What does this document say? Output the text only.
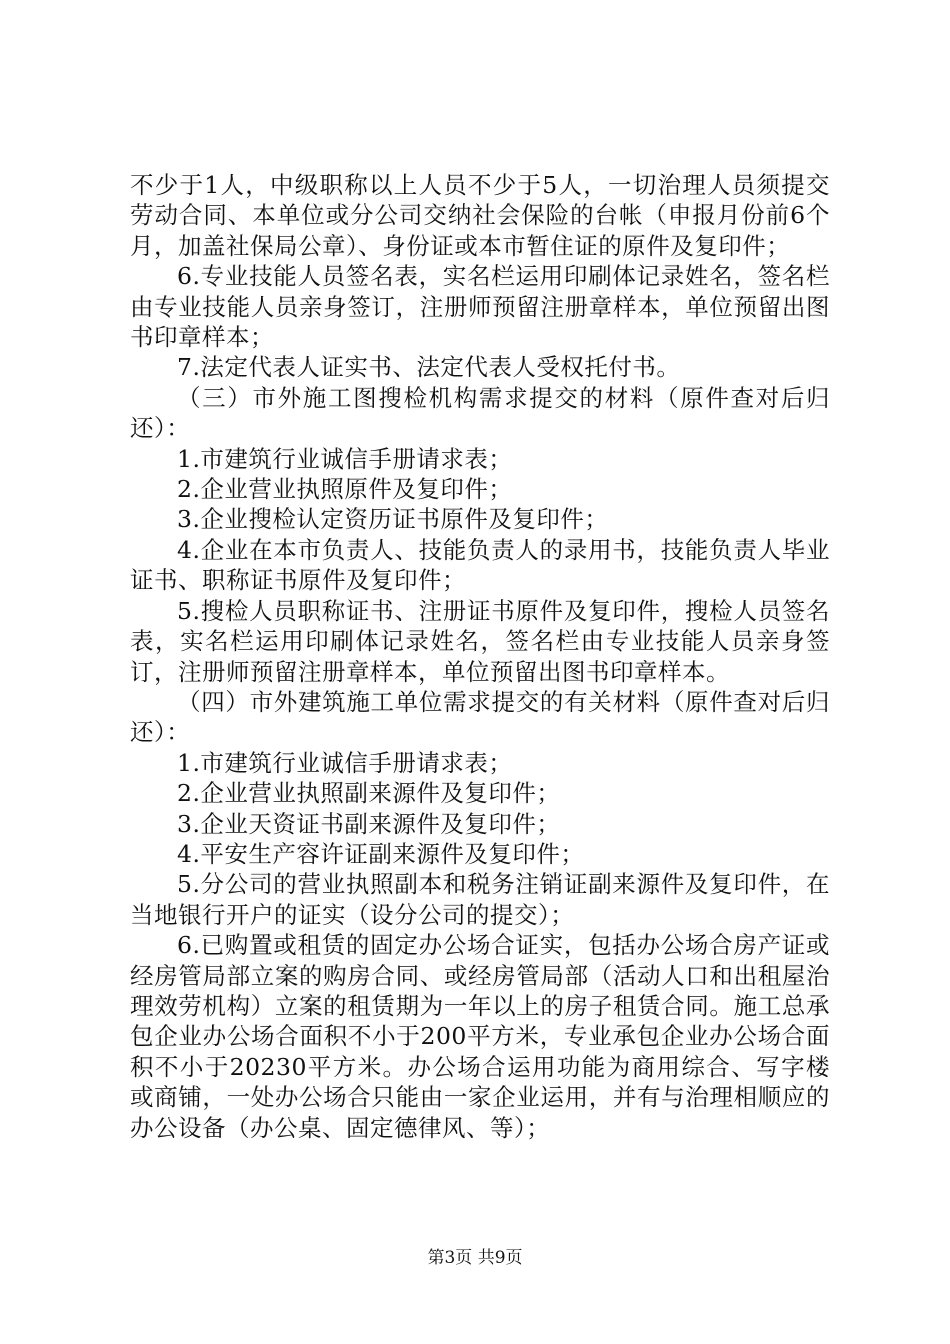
不少于1人，中级职称以上人员不少于5人，一切治理人员须提交劳动合同、本单位或分公司交纳社会保险的台帐（申报月份前6个月，加盖社保局公章）、身份证或本市暂住证的原件及复印件；

6.专业技能人员签名表，实名栏运用印刷体记录姓名，签名栏由专业技能人员亲身签订，注册师预留注册章样本，单位预留出图书印章样本；

7.法定代表人证实书、法定代表人受权托付书。

（三）市外施工图搜检机构需求提交的材料（原件查对后归还）：

1.市建筑行业诚信手册请求表；

2.企业营业执照原件及复印件；

3.企业搜检认定资历证书原件及复印件；

4.企业在本市负责人、技能负责人的录用书，技能负责人毕业证书、职称证书原件及复印件；

5.搜检人员职称证书、注册证书原件及复印件，搜检人员签名表，实名栏运用印刷体记录姓名，签名栏由专业技能人员亲身签订，注册师预留注册章样本，单位预留出图书印章样本。

（四）市外建筑施工单位需求提交的有关材料（原件查对后归还）：

1.市建筑行业诚信手册请求表；

2.企业营业执照副来源件及复印件；

3.企业天资证书副来源件及复印件；

4.平安生产容许证副来源件及复印件；

5.分公司的营业执照副本和税务注销证副来源件及复印件，在当地银行开户的证实（设分公司的提交）；

6.已购置或租赁的固定办公场合证实，包括办公场合房产证或经房管局部立案的购房合同、或经房管局部（活动人口和出租屋治理效劳机构）立案的租赁期为一年以上的房子租赁合同。施工总承包企业办公场合面积不小于200平方米，专业承包企业办公场合面积不小于20230平方米。办公场合运用功能为商用综合、写字楼或商铺，一处办公场合只能由一家企业运用，并有与治理相顺应的办公设备（办公桌、固定德律风、等）；

第3页 共9页
